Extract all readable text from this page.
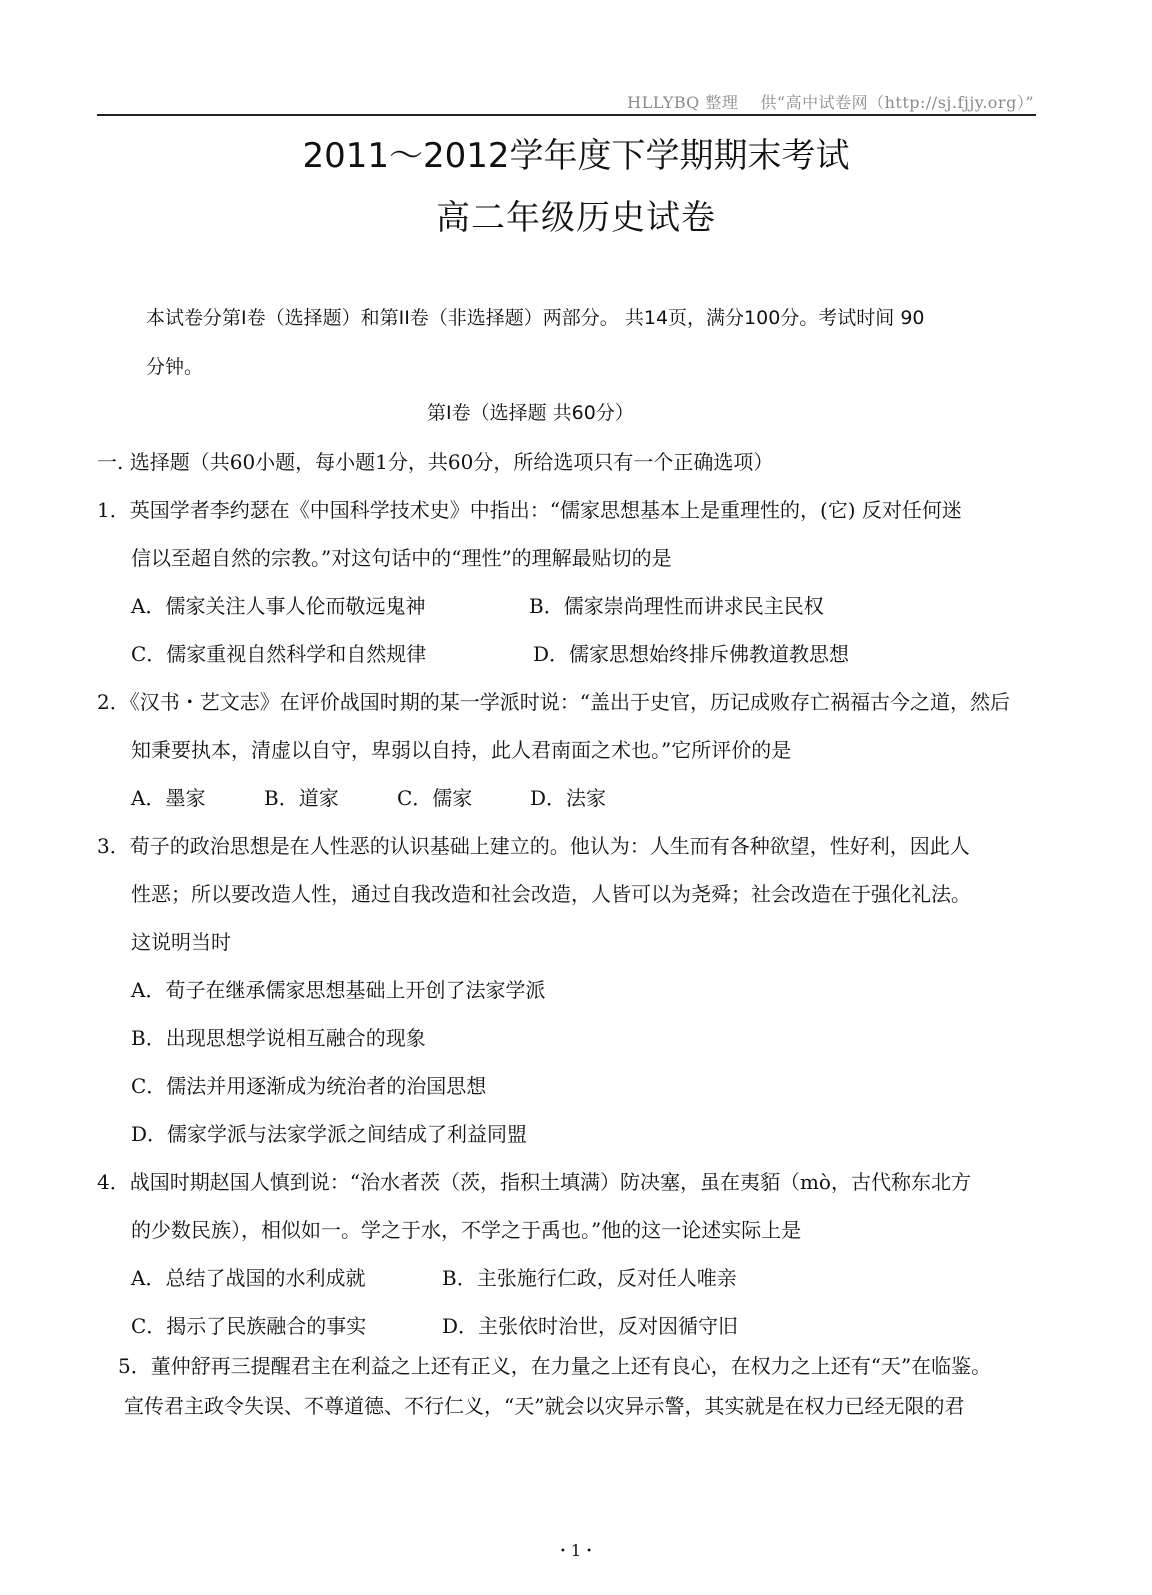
HLLYBQ 整理　 供“高中试卷网（http://sj.fjjy.org）”
2011～2012学年度下学期期末考试
高二年级历史试卷
本试卷分第Ⅰ卷（选择题）和第ⅠⅠ卷（非选择题）两部分。 共14页，满分100分。考试时间 90
分钟。
第Ⅰ卷（选择题 共60分）
一. 选择题（共60小题，每小题1分，共60分，所给选项只有一个正确选项）
1．英国学者李约瑟在《中国科学技术史》中指出：“儒家思想基本上是重理性的，(它) 反对任何迷
信以至超自然的宗教。”对这句话中的“理性”的理解最贴切的是
A．儒家关注人事人伦而敬远鬼神	B．儒家崇尚理性而讲求民主民权
C．儒家重视自然科学和自然规律	D．儒家思想始终排斥佛教道教思想
2．《汉书・艺文志》在评价战国时期的某一学派时说：“盖出于史官，历记成败存亡祸福古今之道，然后
知秉要执本，清虚以自守，卑弱以自持，此人君南面之术也。”它所评价的是
A．墨家	B．道家	C．儒家	D．法家
3．荀子的政治思想是在人性恶的认识基础上建立的。他认为：人生而有各种欲望，性好利，因此人
性恶；所以要改造人性，通过自我改造和社会改造，人皆可以为尧舜；社会改造在于强化礼法。
这说明当时
A．荀子在继承儒家思想基础上开创了法家学派
B．出现思想学说相互融合的现象
C．儒法并用逐渐成为统治者的治国思想
D．儒家学派与法家学派之间结成了利益同盟
4．战国时期赵国人慎到说：“治水者茨（茨，指积土填满）防决塞，虽在夷貊（mò，古代称东北方
的少数民族），相似如一。学之于水，不学之于禹也。”他的这一论述实际上是
A．总结了战国的水利成就	B．主张施行仁政，反对任人唯亲
C．揭示了民族融合的事实	D．主张依时治世，反对因循守旧
5．董仲舒再三提醒君主在利益之上还有正义，在力量之上还有良心，在权力之上还有“天”在临鉴。
宣传君主政令失误、不尊道德、不行仁义，“天”就会以灾异示警，其实就是在权力已经无限的君
・1・
